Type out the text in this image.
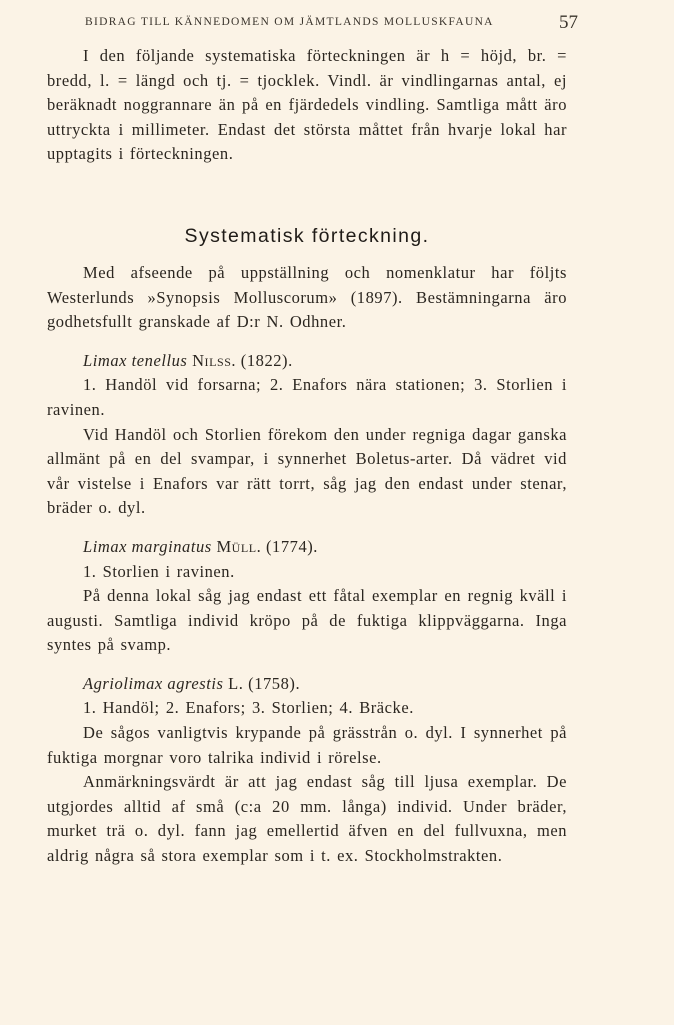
BIDRAG TILL KÄNNEDOMEN OM JÄMTLANDS MOLLUSKFAUNA	57

I den följande systematiska förteckningen är h = höjd, br. = bredd, l. = längd och tj. = tjocklek. Vindl. är vindlingarnas antal, ej beräknadt noggrannare än på en fjärdedels vindling. Samtliga mått äro uttryckta i millimeter. Endast det största måttet från hvarje lokal har upptagits i förteckningen.

Systematisk förteckning.

Med afseende på uppställning och nomenklatur har följts Westerlunds »Synopsis Molluscorum» (1897). Bestämningarna äro godhetsfullt granskade af D:r N. Odhner.

Limax tenellus Nilss. (1822).

1. Handöl vid forsarna; 2. Enafors nära stationen; 3. Storlien i ravinen.

Vid Handöl och Storlien förekom den under regniga dagar ganska allmänt på en del svampar, i synnerhet Boletus-arter. Då vädret vid vår vistelse i Enafors var rätt torrt, såg jag den endast under stenar, bräder o. dyl.

Limax marginatus Müll. (1774).

1. Storlien i ravinen.

På denna lokal såg jag endast ett fåtal exemplar en regnig kväll i augusti. Samtliga individ kröpo på de fuktiga klippväggarna. Inga syntes på svamp.

Agriolimax agrestis L. (1758).

1. Handöl; 2. Enafors; 3. Storlien; 4. Bräcke.

De sågos vanligtvis krypande på grässtrån o. dyl. I synnerhet på fuktiga morgnar voro talrika individ i rörelse.

Anmärkningsvärdt är att jag endast såg till ljusa exemplar. De utgjordes alltid af små (c:a 20 mm. långa) individ. Under bräder, murket trä o. dyl. fann jag emellertid äfven en del fullvuxna, men aldrig några så stora exemplar som i t. ex. Stockholmstrakten.
